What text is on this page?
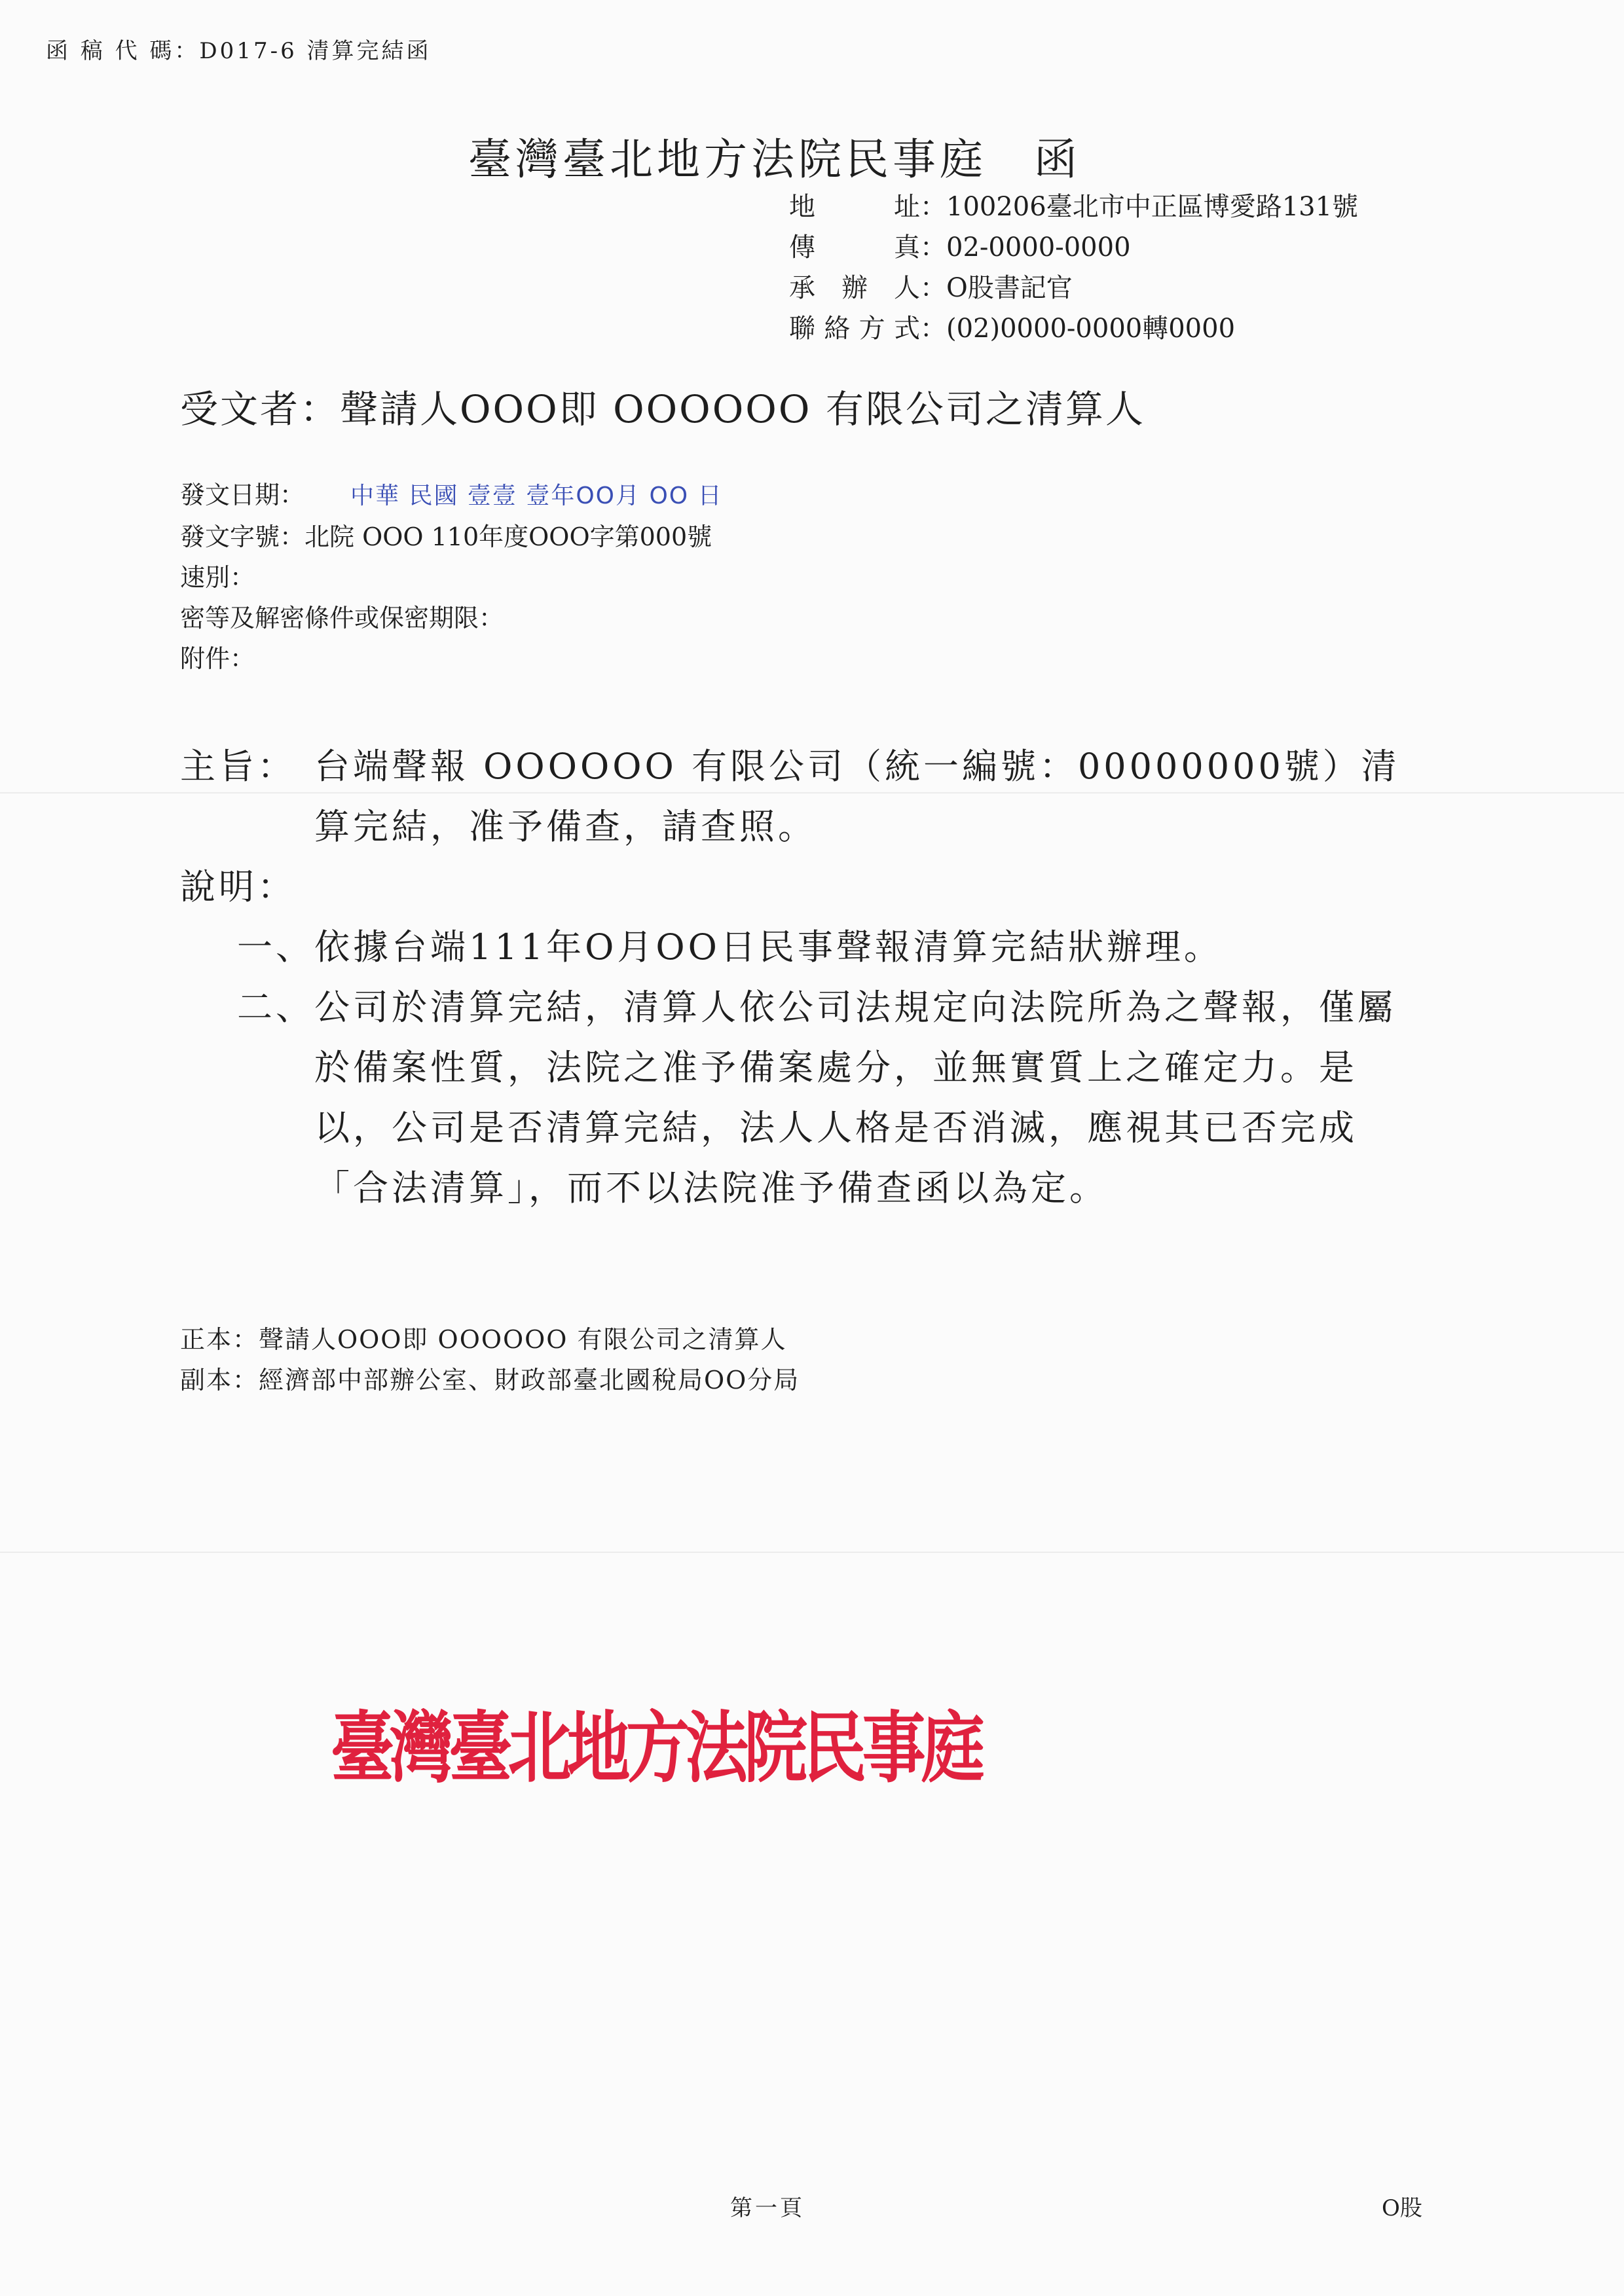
函 稿 代 碼：D017-6 清算完結函
臺灣臺北地方法院民事庭　函
地址 ： 100206臺北市中正區博愛路131號
傳真 ： 02-0000-0000
承辦人 ： O股書記官
聯絡方式 ： (02)0000-0000轉0000
受文者：聲請人OOO即 OOOOOO 有限公司之清算人
發文日期： 中華 民國 壹壹 壹年OO月 OO 日
發文字號：北院 OOO 110年度OOO字第000號
速別：
密等及解密條件或保密期限：
附件：
主旨： 台端聲報 OOOOOO 有限公司（統一編號：00000000號）清算完結，准予備查，請查照。
說明：
一、 依據台端111年O月OO日民事聲報清算完結狀辦理。
二、 公司於清算完結，清算人依公司法規定向法院所為之聲報，僅屬於備案性質，法院之准予備案處分，並無實質上之確定力。是以，公司是否清算完結，法人人格是否消滅，應視其已否完成「合法清算」，而不以法院准予備查函以為定。
正本：聲請人OOO即 OOOOOO 有限公司之清算人
副本：經濟部中部辦公室、財政部臺北國稅局OO分局
臺灣臺北地方法院民事庭
第一頁	O股
